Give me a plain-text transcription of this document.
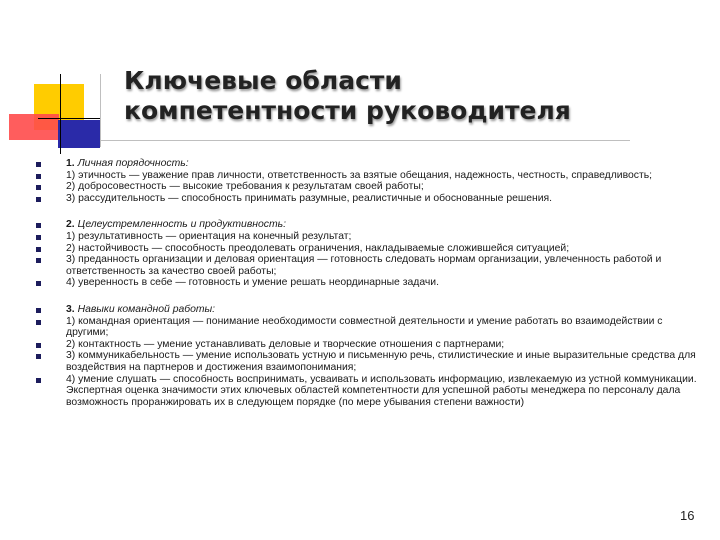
Ключевые области
компетентности руководителя
1. Личная порядочность:
1) этичность — уважение прав личности, ответственность за взятые обещания, надежность, честность, справедливость;
2) добросовестность — высокие требования к результатам своей работы;
3) рассудительность — способность принимать разумные, реалистичные и обоснованные решения.
2. Целеустремленность и продуктивность:
1) результативность — ориентация на конечный результат;
2) настойчивость — способность преодолевать ограничения, накладываемые сложившейся ситуацией;
3) преданность организации и деловая ориентация — готовность следовать нормам организации, увлеченность работой и ответственность за качество своей работы;
4) уверенность в себе — готовность и умение решать неординарные задачи.
3. Навыки командной работы:
1) командная ориентация — понимание необходимости совместной деятельности и умение работать во взаимодействии с другими;
2) контактность — умение устанавливать деловые и творческие отношения с партнерами;
3) коммуникабельность — умение использовать устную и письменную речь, стилистические и иные выразительные средства для воздействия на партнеров и достижения взаимопонимания;
4) умение слушать — способность воспринимать, усваивать и использовать информацию, извлекаемую из устной коммуникации. Экспертная оценка значимости этих ключевых областей компетентности для успешной работы менеджера по персоналу дала возможность проранжировать их в следующем порядке (по мере убывания степени важности)
16
